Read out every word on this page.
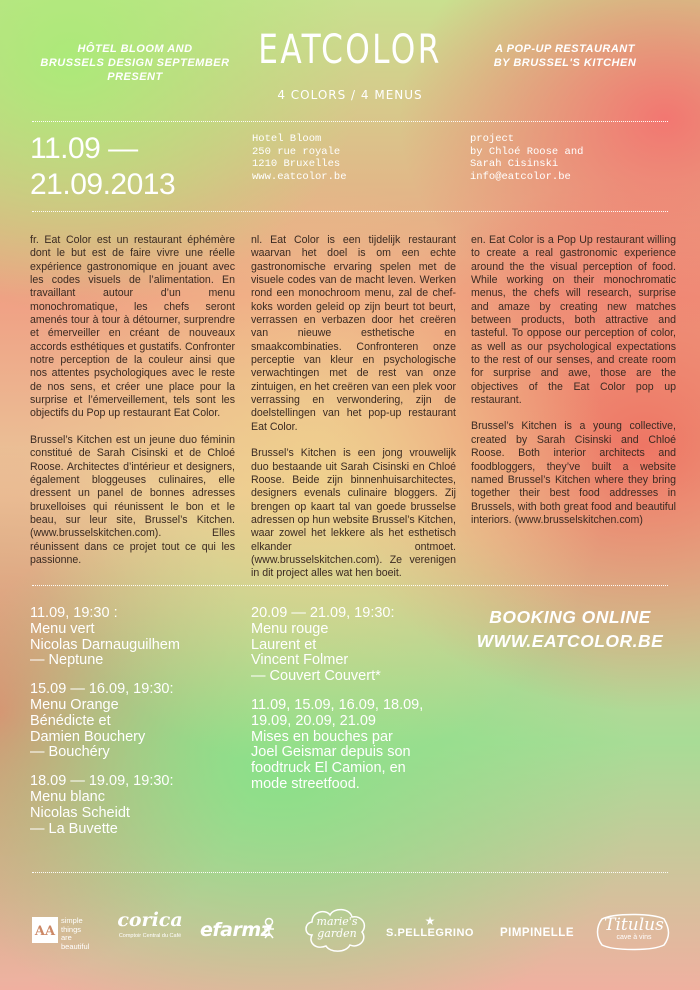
HÔTEL BLOOM AND
BRUSSELS DESIGN SEPTEMBER
PRESENT
EATCOLOR
4 COLORS / 4 MENUS
A POP-UP RESTAURANT
BY BRUSSEL'S KITCHEN
11.09 —
21.09.2013
Hotel Bloom
250 rue royale
1210 Bruxelles
www.eatcolor.be
project
by Chloé Roose and
Sarah Cisinski
info@eatcolor.be

fr. Eat Color est un restaurant éphémère dont le but est de faire vivre une réelle expérience gastronomique en jouant avec les codes visuels de l’alimentation. En travaillant autour d’un menu monochromatique, les chefs seront amenés tour à tour à détourner, surprendre et émerveiller en créant de nouveaux accords esthétiques et gustatifs. Confronter notre perception de la couleur ainsi que nos attentes psychologiques avec le reste de nos sens, et créer une place pour la surprise et l’émerveillement, tels sont les objectifs du Pop up restaurant Eat Color.

Brussel’s Kitchen est un jeune duo féminin constitué de Sarah Cisinski et de Chloé Roose. Architectes d’intérieur et designers, également bloggeuses culinaires, elle dressent un panel de bonnes adresses bruxelloises qui réunissent le bon et le beau, sur leur site, Brussel’s Kitchen. (www.brusselskitchen.com). Elles réunissent dans ce projet tout ce qui les passionne.

nl. Eat Color is een tijdelijk restaurant waarvan het doel is om een echte gastronomische ervaring spelen met de visuele codes van de macht leven. Werken rond een monochroom menu, zal de chef-koks worden geleid op zijn beurt tot beurt, verrassen en verbazen door het creëren van nieuwe esthetische en smaakcombinaties. Confronteren onze perceptie van kleur en psychologische verwachtingen met de rest van onze zintuigen, en het creëren van een plek voor verrassing en verwondering, zijn de doelstellingen van het pop-up restaurant Eat Color.

Brussel’s Kitchen is een jong vrouwelijk duo bestaande uit Sarah Cisinski en Chloé Roose. Beide zijn binnenhuisarchitectes, designers evenals culinaire bloggers. Zij brengen op kaart tal van goede brusselse adressen op hun website Brussel’s Kitchen, waar zowel het lekkere als het esthetisch elkander ontmoet. (www.brusselskitchen.com). Ze verenigen in dit project alles wat hen boeit.

en. Eat Color is a Pop Up restaurant willing to create a real gastronomic experience around the the visual perception of food. While working on their monochromatic menus, the chefs will research, surprise and amaze by creating new matches between products, both attractive and tasteful. To oppose our perception of color, as well as our psychological expectations to the rest of our senses, and create room for surprise and awe, those are the objectives of the Eat Color pop up restaurant.

Brussel’s Kitchen is a young collective, created by Sarah Cisinski and Chloé Roose. Both interior architects and foodbloggers, they’ve built a website named Brussel’s Kitchen where they bring together their best food addresses in Brussels, with both great food and beautiful interiors. (www.brusselskitchen.com)

11.09, 19:30 :
Menu vert
Nicolas Darnauguilhem
— Neptune
15.09 — 16.09, 19:30:
Menu Orange
Bénédicte et
Damien Bouchery
— Bouchéry
18.09 — 19.09, 19:30:
Menu blanc
Nicolas Scheidt
— La Buvette
20.09 — 21.09, 19:30:
Menu rouge
Laurent et
Vincent Folmer
— Couvert Couvert*
11.09, 15.09, 16.09, 18.09,
19.09, 20.09, 21.09
Mises en bouches par
Joel Geismar depuis son
foodtruck El Camion, en
mode streetfood.
BOOKING ONLINE
WWW.EATCOLOR.BE
AA
simple
things are
beautiful
corica
Comptoir Central du Café efarmz	marie's
garden
★
S.PELLEGRINO	PIMPINELLE	Titulus
cave à vins
